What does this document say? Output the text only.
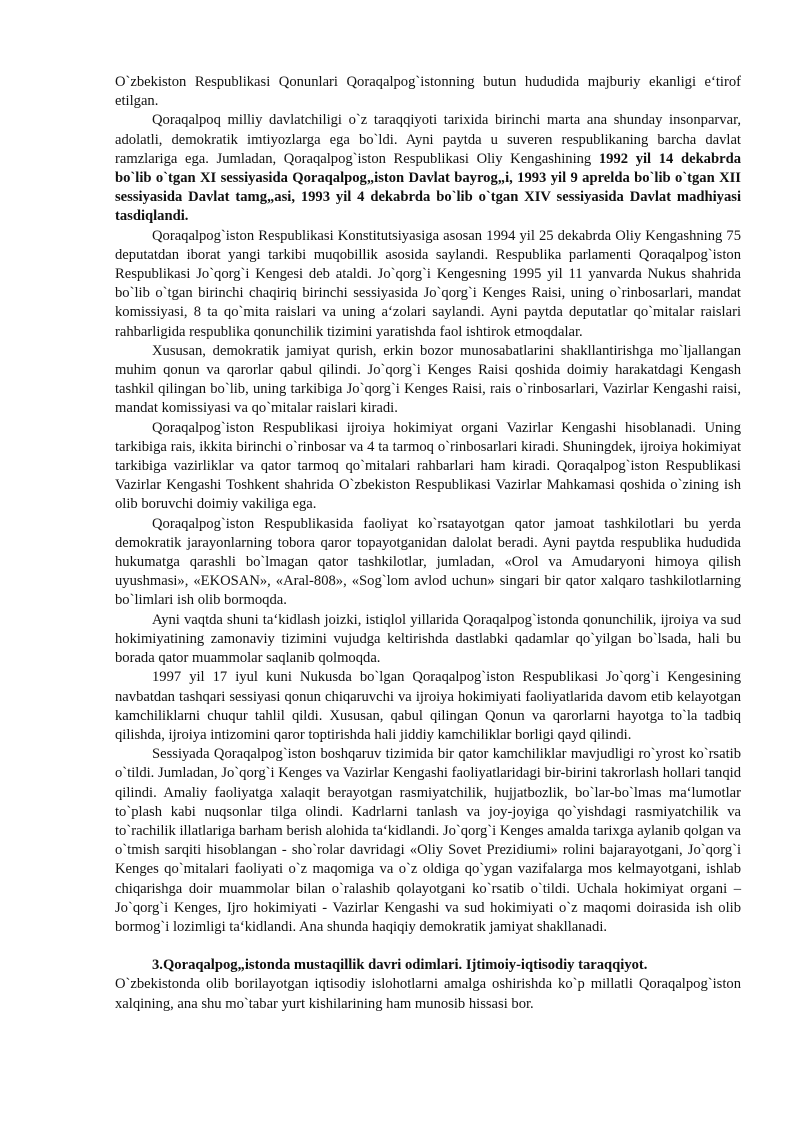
O`zbekiston Respublikasi Qonunlari Qoraqalpog`istonning butun hududida majburiy ekanligi e‘tirof etilgan.

Qoraqalpoq milliy davlatchiligi o`z taraqqiyoti tarixida birinchi marta ana shunday insonparvar, adolatli, demokratik imtiyozlarga ega bo`ldi. Ayni paytda u suveren respublikaning barcha davlat ramzlariga ega. Jumladan, Qoraqalpog`iston Respublikasi Oliy Kengashining 1992 yil 14 dekabrda bo`lib o`tgan XI sessiyasida Qoraqalpog„iston Davlat bayrog„i, 1993 yil 9 aprelda bo`lib o`tgan XII sessiyasida Davlat tamg„asi, 1993 yil 4 dekabrda bo`lib o`tgan XIV sessiyasida Davlat madhiyasi tasdiqlandi.

Qoraqalpog`iston Respublikasi Konstitutsiyasiga asosan 1994 yil 25 dekabrda Oliy Kengashning 75 deputatdan iborat yangi tarkibi muqobillik asosida saylandi. Respublika parlamenti Qoraqalpog`iston Respublikasi Jo`qorg`i Kengesi deb ataldi. Jo`qorg`i Kengesning 1995 yil 11 yanvarda Nukus shahrida bo`lib o`tgan birinchi chaqiriq birinchi sessiyasida Jo`qorg`i Kenges Raisi, uning o`rinbosarlari, mandat komissiyasi, 8 ta qo`mita raislari va uning a‘zolari saylandi. Ayni paytda deputatlar qo`mitalar raislari rahbarligida respublika qonunchilik tizimini yaratishda faol ishtirok etmoqdalar.

Xususan, demokratik jamiyat qurish, erkin bozor munosabatlarini shakllantirishga mo`ljallangan muhim qonun va qarorlar qabul qilindi. Jo`qorg`i Kenges Raisi qoshida doimiy harakatdagi Kengash tashkil qilingan bo`lib, uning tarkibiga Jo`qorg`i Kenges Raisi, rais o`rinbosarlari, Vazirlar Kengashi raisi, mandat komissiyasi va qo`mitalar raislari kiradi.

Qoraqalpog`iston Respublikasi ijroiya hokimiyat organi Vazirlar Kengashi hisoblanadi. Uning tarkibiga rais, ikkita birinchi o`rinbosar va 4 ta tarmoq o`rinbosarlari kiradi. Shuningdek, ijroiya hokimiyat tarkibiga vazirliklar va qator tarmoq qo`mitalari rahbarlari ham kiradi. Qoraqalpog`iston Respublikasi Vazirlar Kengashi Toshkent shahrida O`zbekiston Respublikasi Vazirlar Mahkamasi qoshida o`zining ish olib boruvchi doimiy vakiliga ega.

Qoraqalpog`iston Respublikasida faoliyat ko`rsatayotgan qator jamoat tashkilotlari bu yerda demokratik jarayonlarning tobora qaror topayotganidan dalolat beradi. Ayni paytda respublika hududida hukumatga qarashli bo`lmagan qator tashkilotlar, jumladan, «Orol va Amudaryoni himoya qilish uyushmasi», «EKOSAN», «Aral-808», «Sog`lom avlod uchun» singari bir qator xalqaro tashkilotlarning bo`limlari ish olib bormoqda.

Ayni vaqtda shuni ta‘kidlash joizki, istiqlol yillarida Qoraqalpog`istonda qonunchilik, ijroiya va sud hokimiyatining zamonaviy tizimini vujudga keltirishda dastlabki qadamlar qo`yilgan bo`lsada, hali bu borada qator muammolar saqlanib qolmoqda.

1997 yil 17 iyul kuni Nukusda bo`lgan Qoraqalpog`iston Respublikasi Jo`qorg`i Kengesining navbatdan tashqari sessiyasi qonun chiqaruvchi va ijroiya hokimiyati faoliyatlarida davom etib kelayotgan kamchiliklarni chuqur tahlil qildi. Xususan, qabul qilingan Qonun va qarorlarni hayotga to`la tadbiq qilishda, ijroiya intizomini qaror toptirishda hali jiddiy kamchiliklar borligi qayd qilindi.

Sessiyada Qoraqalpog`iston boshqaruv tizimida bir qator kamchiliklar mavjudligi ro`yrost ko`rsatib o`tildi. Jumladan, Jo`qorg`i Kenges va Vazirlar Kengashi faoliyatlaridagi bir-birini takrorlash hollari tanqid qilindi. Amaliy faoliyatga xalaqit berayotgan rasmiyatchilik, hujjatbozlik, bo`lar-bo`lmas ma‘lumotlar to`plash kabi nuqsonlar tilga olindi. Kadrlarni tanlash va joy-joyiga qo`yishdagi rasmiyatchilik va to`rachilik illatlariga barham berish alohida ta‘kidlandi. Jo`qorg`i Kenges amalda tarixga aylanib qolgan va o`tmish sarqiti hisoblangan - sho`rolar davridagi «Oliy Sovet Prezidiumi» rolini bajarayotgani, Jo`qorg`i Kenges qo`mitalari faoliyati o`z maqomiga va o`z oldiga qo`ygan vazifalarga mos kelmayotgani, ishlab chiqarishga doir muammolar bilan o`ralashib qolayotgani ko`rsatib o`tildi. Uchala hokimiyat organi – Jo`qorg`i Kenges, Ijro hokimiyati - Vazirlar Kengashi va sud hokimiyati o`z maqomi doirasida ish olib bormog`i lozimligi ta‘kidlandi. Ana shunda haqiqiy demokratik jamiyat shakllanadi.

3.Qoraqalpog„istonda mustaqillik davri odimlari. Ijtimoiy-iqtisodiy taraqqiyot.

O`zbekistonda olib borilayotgan iqtisodiy islohotlarni amalga oshirishda ko`p millatli Qoraqalpog`iston xalqining, ana shu mo`tabar yurt kishilarining ham munosib hissasi bor.
